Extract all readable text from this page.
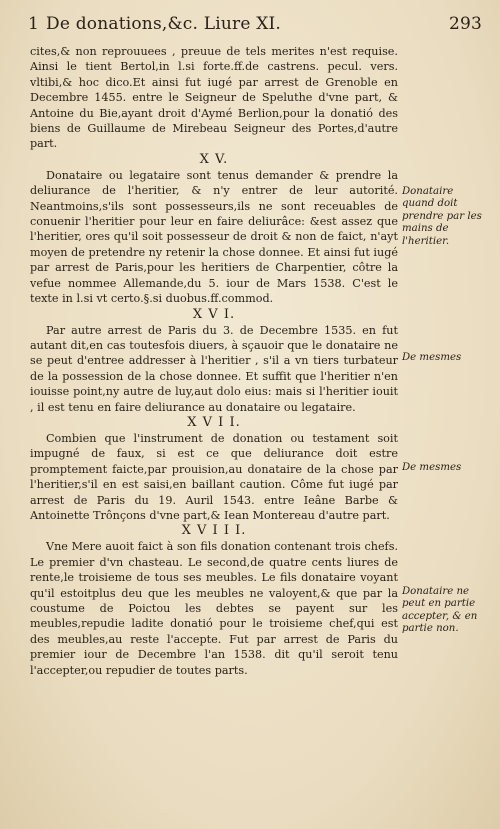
1 De donations,&c. Liure XI.	293

cites,& non reprouuees , preuue de tels merites n'est requise. Ainsi le tient Bertol,in l.si forte.ff.de castrens. pecul. vers. vltibi,& hoc dico.Et ainsi fut iugé par arrest de Grenoble en Decembre 1455. entre le Seigneur de Speluthe d'vne part, & Antoine du Bie,ayant droit d'Aymé Berlion,pour la donatió des biens de Guillaume de Mirebeau Seigneur des Portes,d'autre part.

X V.

Donataire ou legataire sont tenus demander & prendre la deliurance de l'heritier, & n'y entrer de leur autorité. Neantmoins,s'ils sont possesseurs,ils ne sont receuables de conuenir l'heritier pour leur en faire deliurâce: &est assez que l'heritier, ores qu'il soit possesseur de droit & non de faict, n'ayt moyen de pretendre ny retenir la chose donnee. Et ainsi fut iugé par arrest de Paris,pour les heritiers de Charpentier, côtre la vefue nommee Allemande,du 5. iour de Mars 1538. C'est le texte in l.si vt certo.§.si duobus.ff.commod.

X V I.

Par autre arrest de Paris du 3. de Decembre 1535. en fut autant dit,en cas toutesfois diuers, à sçauoir que le donataire ne se peut d'entree addresser à l'heritier , s'il a vn tiers turbateur de la possession de la chose donnee. Et suffit que l'heritier n'en iouisse point,ny autre de luy,aut dolo eius: mais si l'heritier iouit , il est tenu en faire deliurance au donataire ou legataire.

X V I I.

Combien que l'instrument de donation ou testament soit impugné de faux, si est ce que deliurance doit estre promptement faicte,par prouision,au donataire de la chose par l'heritier,s'il en est saisi,en baillant caution. Côme fut iugé par arrest de Paris du 19. Auril 1543. entre Ieâne Barbe & Antoinette Trônçons d'vne part,& Iean Montereau d'autre part.

X V I I I.

Vne Mere auoit faict à son fils donation contenant trois chefs. Le premier d'vn chasteau. Le second,de quatre cents liures de rente,le troisieme de tous ses meubles. Le fils donataire voyant qu'il estoitplus deu que les meubles ne valoyent,& que par la coustume de Poictou les debtes se payent sur les meubles,repudie ladite donatió pour le troisieme chef,qui est des meubles,au reste l'accepte. Fut par arrest de Paris du premier iour de Decembre l'an 1538. dit qu'il seroit tenu l'accepter,ou repudier de toutes parts.

Donataire quand doit prendre par les mains de l'heritier.
De mesmes
De mesmes
Donataire ne peut en partie accepter, & en partie non.
